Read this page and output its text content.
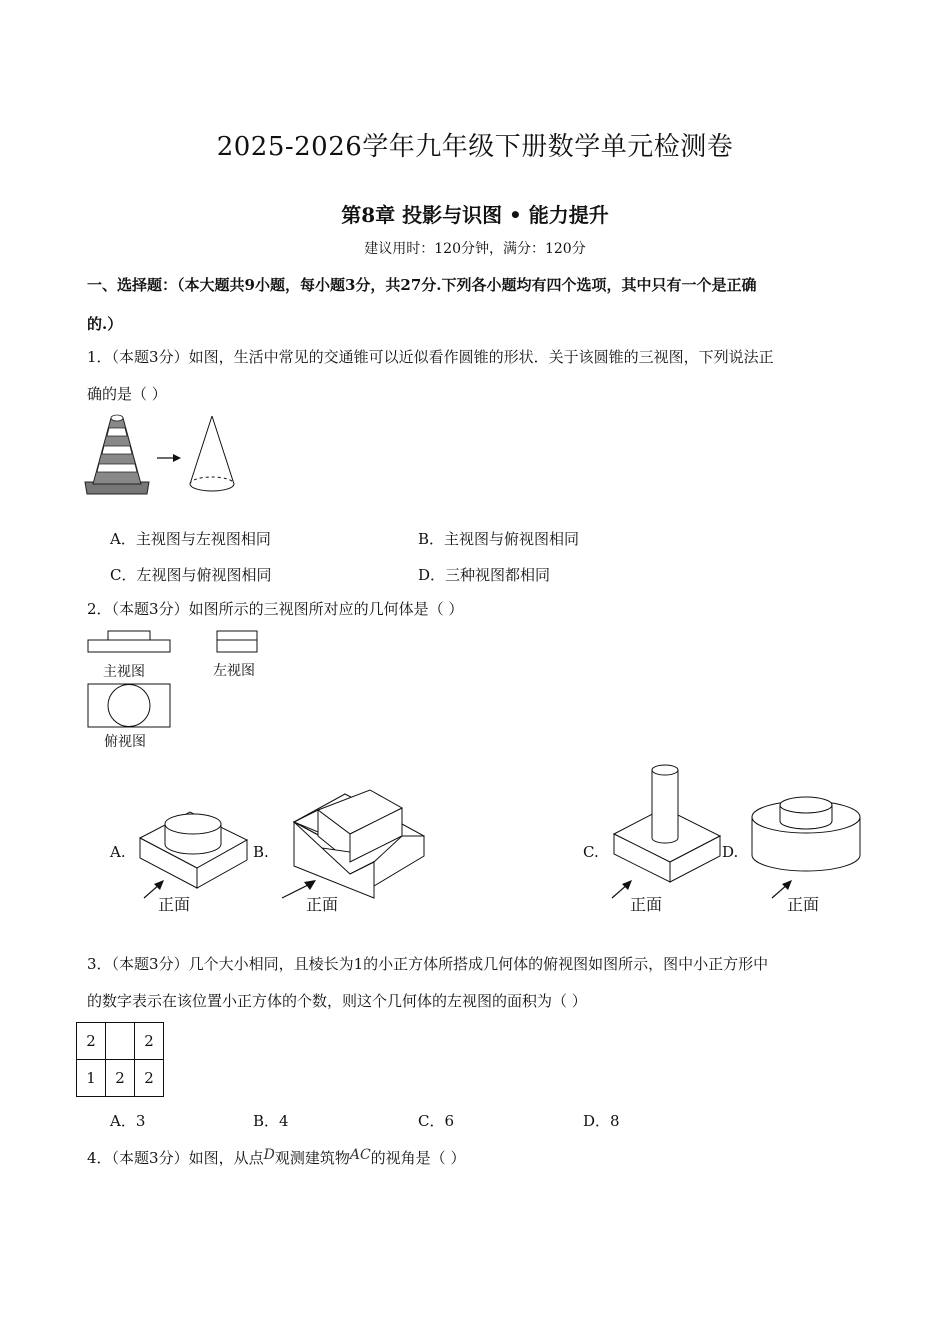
2025-2026学年九年级下册数学单元检测卷
第8章 投影与识图 • 能力提升
建议用时：120分钟，满分：120分
一、选择题：（本大题共9小题，每小题3分，共27分.下列各小题均有四个选项，其中只有一个是正确
的.）
1．（本题3分）如图，生活中常见的交通锥可以近似看作圆锥的形状．关于该圆锥的三视图，下列说法正
确的是（ ）
A．主视图与左视图相同	B．主视图与俯视图相同
C．左视图与俯视图相同	D．三种视图都相同
2．（本题3分）如图所示的三视图所对应的几何体是（ ）
主视图	左视图
俯视图
A.
正面
B.
正面
C.
正面
D.
正面
3．（本题3分）几个大小相同，且棱长为1的小正方体所搭成几何体的俯视图如图所示，图中小正方形中
的数字表示在该位置小正方体的个数，则这个几何体的左视图的面积为（ ）
2		2
1	2	2
A．3	B．4	C．6	D．8
4．（本题3分）如图，从点D观测建筑物AC的视角是（ ）
